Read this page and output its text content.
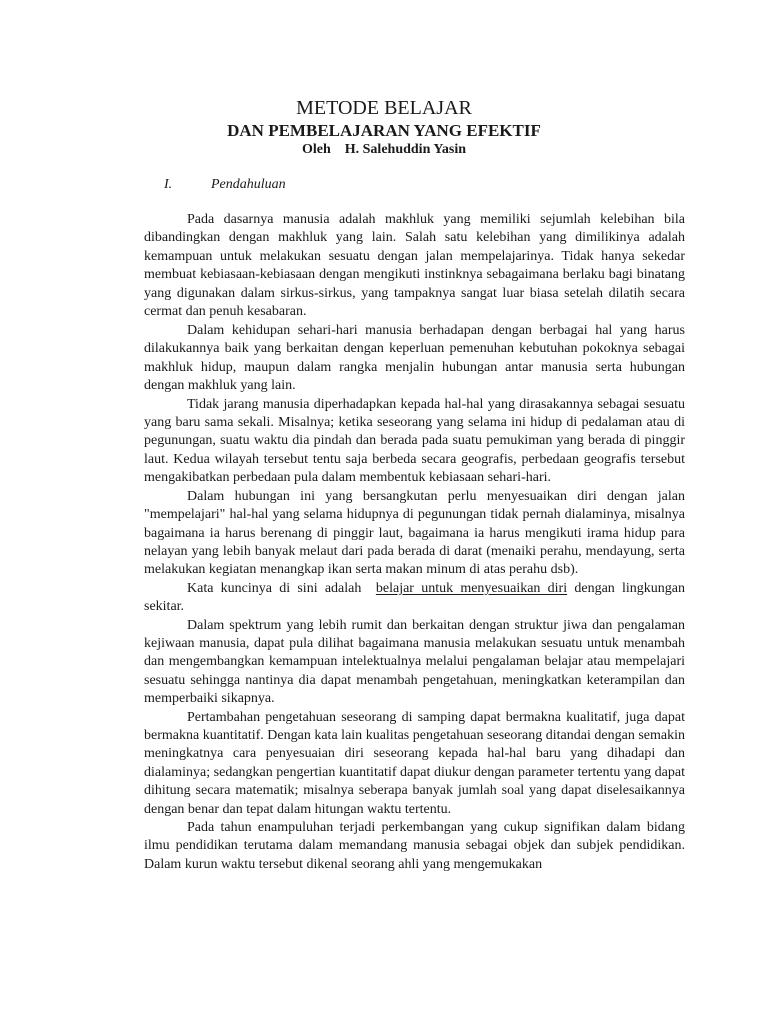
METODE BELAJAR
DAN PEMBELAJARAN YANG EFEKTIF
Oleh H. Salehuddin Yasin
I.	Pendahuluan

Pada dasarnya manusia adalah makhluk yang memiliki sejumlah kelebihan bila dibandingkan dengan makhluk yang lain. Salah satu kelebihan yang dimilikinya adalah kemampuan untuk melakukan sesuatu dengan jalan mempelajarinya. Tidak hanya sekedar membuat kebiasaan-kebiasaan dengan mengikuti instinknya sebagaimana berlaku bagi binatang yang digunakan dalam sirkus-sirkus, yang tampaknya sangat luar biasa setelah dilatih secara cermat dan penuh kesabaran.

Dalam kehidupan sehari-hari manusia berhadapan dengan berbagai hal yang harus dilakukannya baik yang berkaitan dengan keperluan pemenuhan kebutuhan pokoknya sebagai makhluk hidup, maupun dalam rangka menjalin hubungan antar manusia serta hubungan dengan makhluk yang lain.

Tidak jarang manusia diperhadapkan kepada hal-hal yang dirasakannya sebagai sesuatu yang baru sama sekali. Misalnya; ketika seseorang yang selama ini hidup di pedalaman atau di pegunungan, suatu waktu dia pindah dan berada pada suatu pemukiman yang berada di pinggir laut. Kedua wilayah tersebut tentu saja berbeda secara geografis, perbedaan geografis tersebut mengakibatkan perbedaan pula dalam membentuk kebiasaan sehari-hari.

Dalam hubungan ini yang bersangkutan perlu menyesuaikan diri dengan jalan "mempelajari" hal-hal yang selama hidupnya di pegunungan tidak pernah dialaminya, misalnya bagaimana ia harus berenang di pinggir laut, bagaimana ia harus mengikuti irama hidup para nelayan yang lebih banyak melaut dari pada berada di darat (menaiki perahu, mendayung, serta melakukan kegiatan menangkap ikan serta makan minum di atas perahu dsb).

Kata kuncinya di sini adalah belajar untuk menyesuaikan diri dengan lingkungan sekitar.

Dalam spektrum yang lebih rumit dan berkaitan dengan struktur jiwa dan pengalaman kejiwaan manusia, dapat pula dilihat bagaimana manusia melakukan sesuatu untuk menambah dan mengembangkan kemampuan intelektualnya melalui pengalaman belajar atau mempelajari sesuatu sehingga nantinya dia dapat menambah pengetahuan, meningkatkan keterampilan dan memperbaiki sikapnya.

Pertambahan pengetahuan seseorang di samping dapat bermakna kualitatif, juga dapat bermakna kuantitatif. Dengan kata lain kualitas pengetahuan seseorang ditandai dengan semakin meningkatnya cara penyesuaian diri seseorang kepada hal-hal baru yang dihadapi dan dialaminya; sedangkan pengertian kuantitatif dapat diukur dengan parameter tertentu yang dapat dihitung secara matematik; misalnya seberapa banyak jumlah soal yang dapat diselesaikannya dengan benar dan tepat dalam hitungan waktu tertentu.

Pada tahun enampuluhan terjadi perkembangan yang cukup signifikan dalam bidang ilmu pendidikan terutama dalam memandang manusia sebagai objek dan subjek pendidikan. Dalam kurun waktu tersebut dikenal seorang ahli yang mengemukakan
